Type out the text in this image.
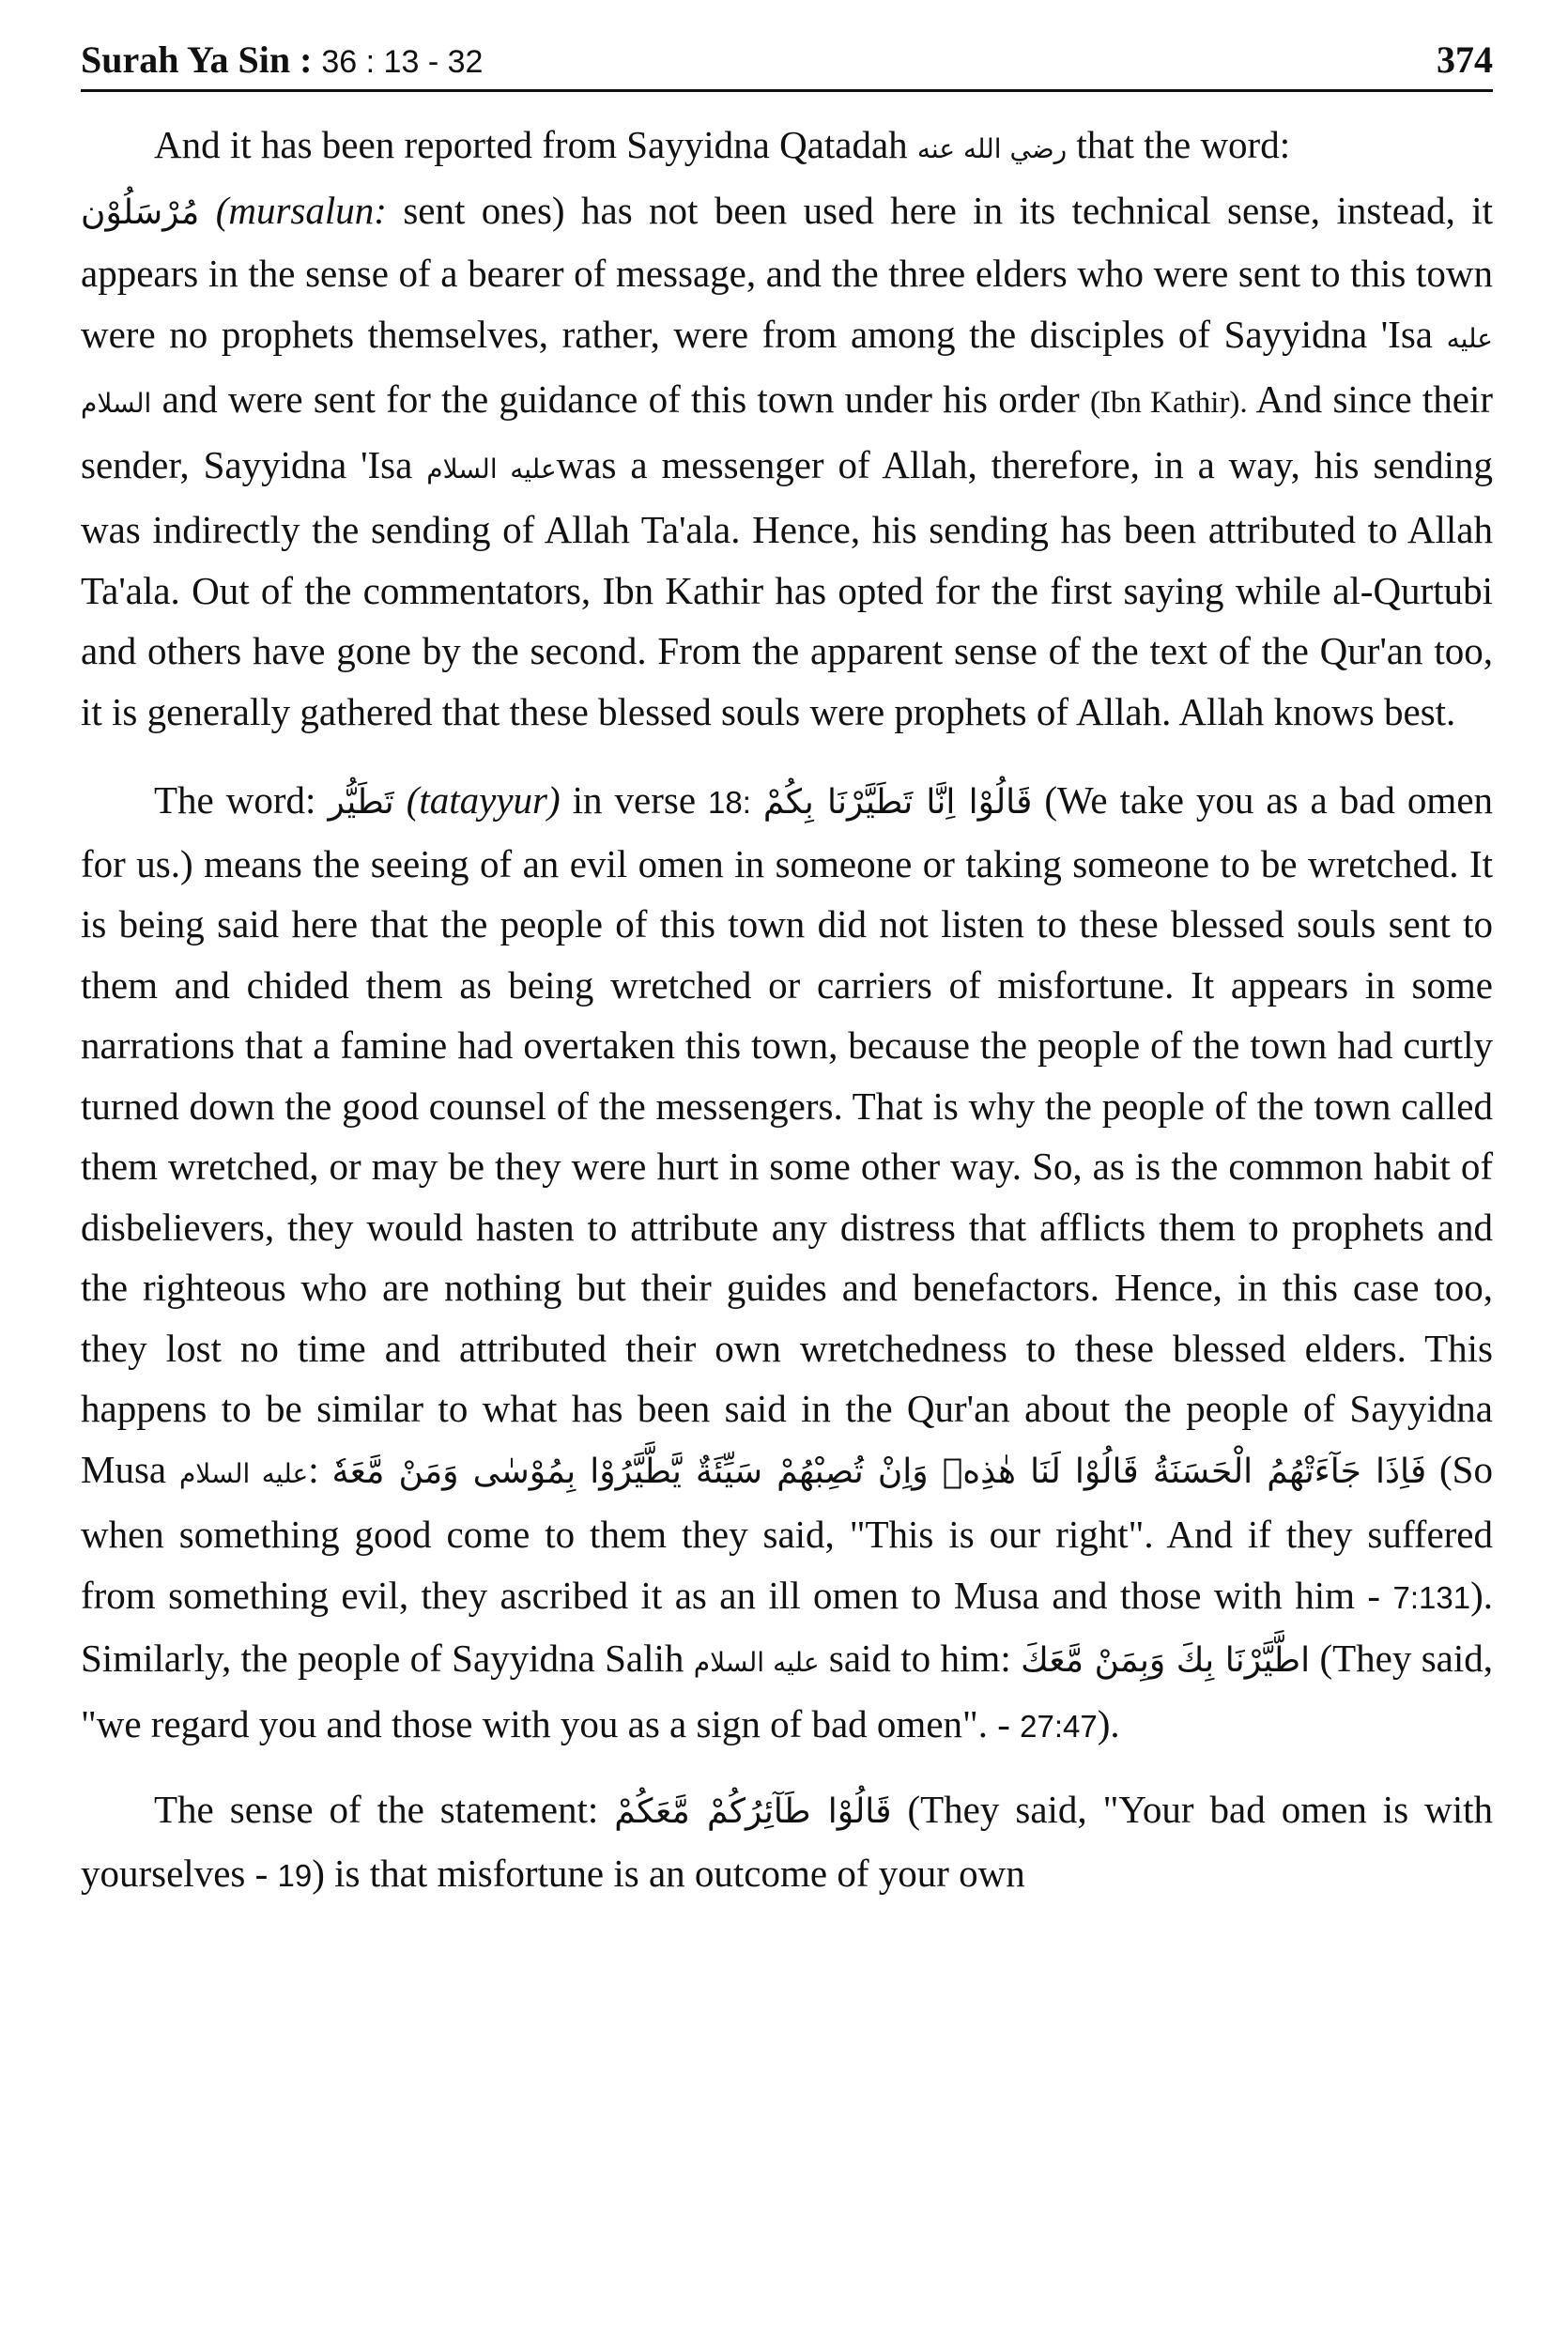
Surah Ya Sin : 36 : 13 - 32	374

And it has been reported from Sayyidna Qatadah رضي الله عنه that the word:
مُرْسَلُوْن (mursalun: sent ones) has not been used here in its technical sense, instead, it appears in the sense of a bearer of message, and the three elders who were sent to this town were no prophets themselves, rather, were from among the disciples of Sayyidna 'Isa عليه السلام and were sent for the guidance of this town under his order (Ibn Kathir). And since their sender, Sayyidna 'Isa عليه السلامwas a messenger of Allah, therefore, in a way, his sending was indirectly the sending of Allah Ta'ala. Hence, his sending has been attributed to Allah Ta'ala. Out of the commentators, Ibn Kathir has opted for the first saying while al-Qurtubi and others have gone by the second. From the apparent sense of the text of the Qur'an too, it is generally gathered that these blessed souls were prophets of Allah. Allah knows best.

The word: تَطَيُّر (tatayyur) in verse 18: قَالُوْا اِنَّا تَطَيَّرْنَا بِكُمْ (We take you as a bad omen for us.) means the seeing of an evil omen in someone or taking someone to be wretched. It is being said here that the people of this town did not listen to these blessed souls sent to them and chided them as being wretched or carriers of misfortune. It appears in some narrations that a famine had overtaken this town, because the people of the town had curtly turned down the good counsel of the messengers. That is why the people of the town called them wretched, or may be they were hurt in some other way. So, as is the common habit of disbelievers, they would hasten to attribute any distress that afflicts them to prophets and the righteous who are nothing but their guides and benefactors. Hence, in this case too, they lost no time and attributed their own wretchedness to these blessed elders. This happens to be similar to what has been said in the Qur'an about the people of Sayyidna Musa عليه السلام: فَاِذَا جَآءَتْهُمُ الْحَسَنَةُ قَالُوْا لَنَا هٰذِهٖ وَاِنْ تُصِبْهُمْ سَيِّئَةٌ يَّطَّيَّرُوْا بِمُوْسٰى وَمَنْ مَّعَهٗ (So when something good come to them they said, "This is our right". And if they suffered from something evil, they ascribed it as an ill omen to Musa and those with him - 7:131). Similarly, the people of Sayyidna Salih عليه السلام said to him: اطَّيَّرْنَا بِكَ وَبِمَنْ مَّعَكَ (They said, "we regard you and those with you as a sign of bad omen". - 27:47).

The sense of the statement: قَالُوْا طَآئِرُكُمْ مَّعَكُمْ (They said, "Your bad omen is with yourselves - 19) is that misfortune is an outcome of your own
